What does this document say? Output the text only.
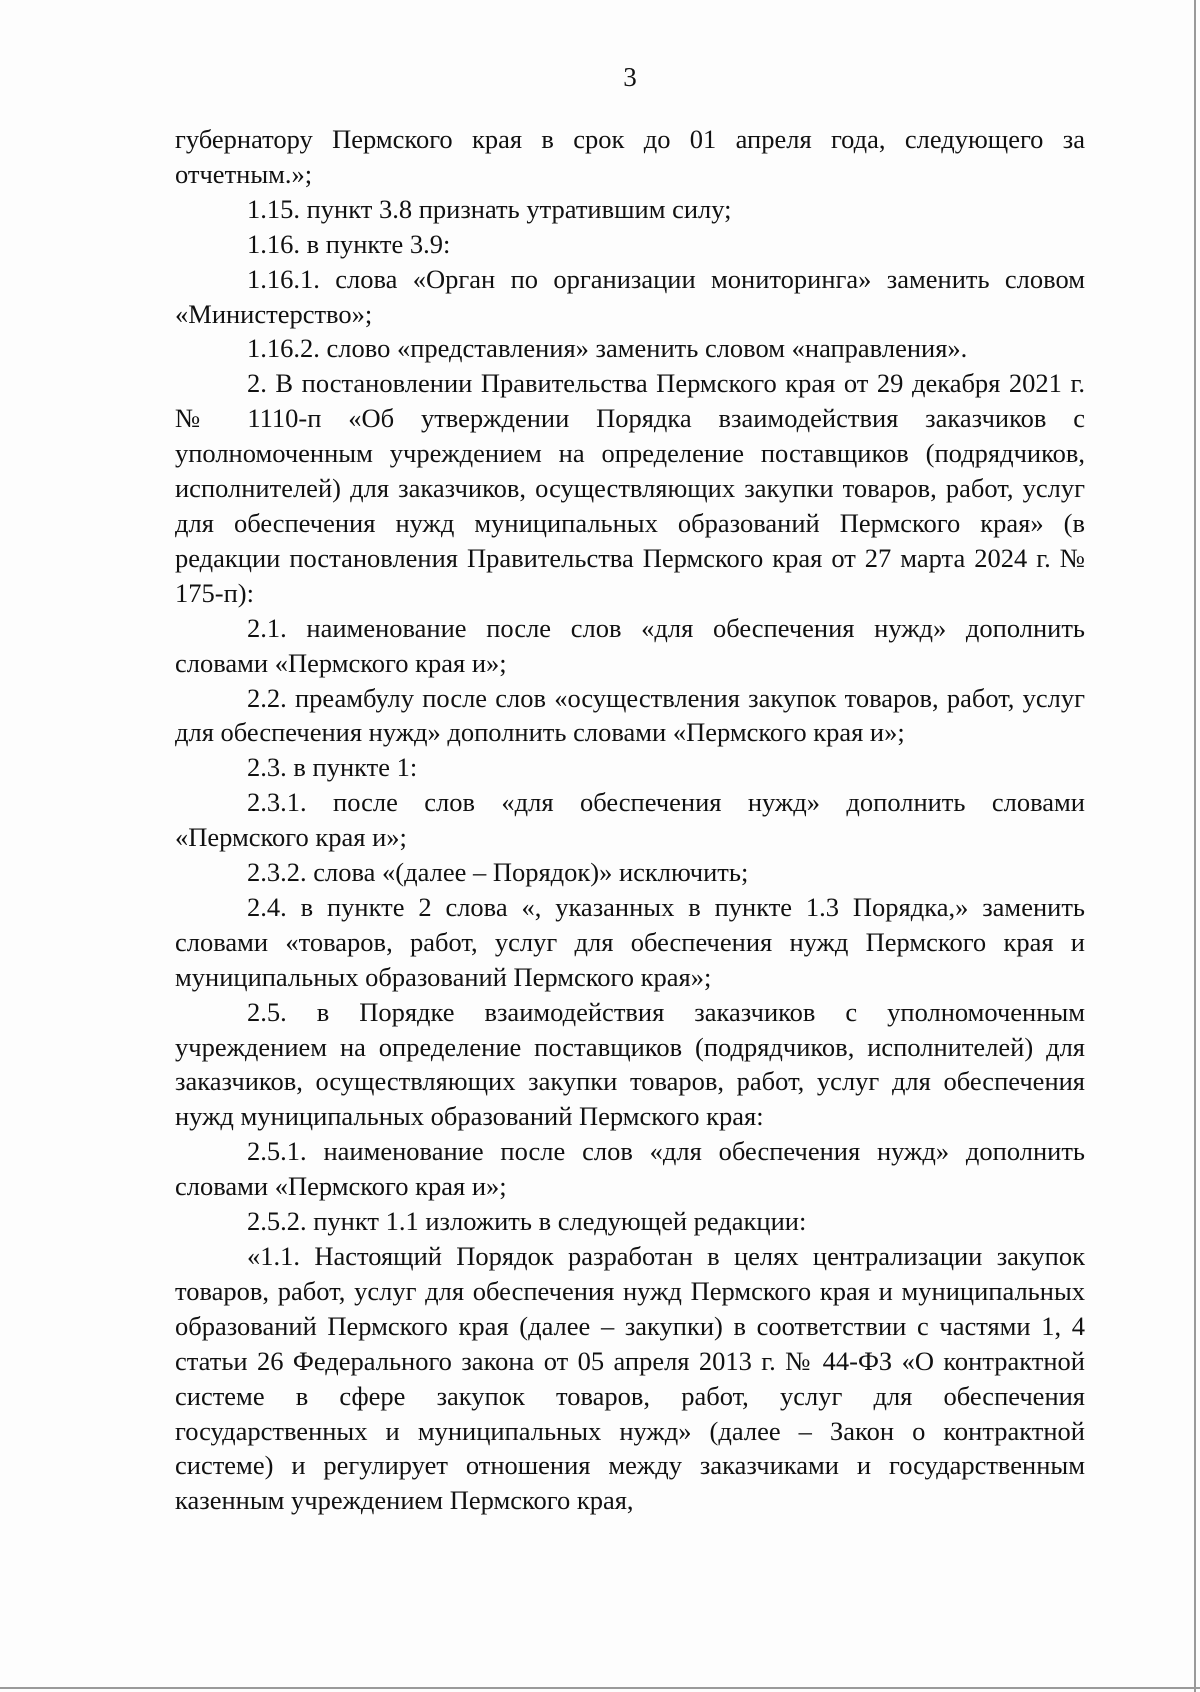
3

губернатору Пермского края в срок до 01 апреля года, следующего за отчетным.»;

1.15. пункт 3.8 признать утратившим силу;

1.16. в пункте 3.9:

1.16.1. слова «Орган по организации мониторинга» заменить словом «Министерство»;

1.16.2. слово «представления» заменить словом «направления».

2. В постановлении Правительства Пермского края от 29 декабря 2021 г. № 1110-п «Об утверждении Порядка взаимодействия заказчиков с уполномоченным учреждением на определение поставщиков (подрядчиков, исполнителей) для заказчиков, осуществляющих закупки товаров, работ, услуг для обеспечения нужд муниципальных образований Пермского края» (в редакции постановления Правительства Пермского края от 27 марта 2024 г. № 175-п):

2.1. наименование после слов «для обеспечения нужд» дополнить словами «Пермского края и»;

2.2. преамбулу после слов «осуществления закупок товаров, работ, услуг для обеспечения нужд» дополнить словами «Пермского края и»;

2.3. в пункте 1:

2.3.1. после слов «для обеспечения нужд» дополнить словами «Пермского края и»;

2.3.2. слова «(далее – Порядок)» исключить;

2.4. в пункте 2 слова «, указанных в пункте 1.3 Порядка,» заменить словами «товаров, работ, услуг для обеспечения нужд Пермского края и муниципальных образований Пермского края»;

2.5. в Порядке взаимодействия заказчиков с уполномоченным учреждением на определение поставщиков (подрядчиков, исполнителей) для заказчиков, осуществляющих закупки товаров, работ, услуг для обеспечения нужд муниципальных образований Пермского края:

2.5.1. наименование после слов «для обеспечения нужд» дополнить словами «Пермского края и»;

2.5.2. пункт 1.1 изложить в следующей редакции:

«1.1. Настоящий Порядок разработан в целях централизации закупок товаров, работ, услуг для обеспечения нужд Пермского края и муниципальных образований Пермского края (далее – закупки) в соответствии с частями 1, 4 статьи 26 Федерального закона от 05 апреля 2013 г. № 44-ФЗ «О контрактной системе в сфере закупок товаров, работ, услуг для обеспечения государственных и муниципальных нужд» (далее – Закон о контрактной системе) и регулирует отношения между заказчиками и государственным казенным учреждением Пермского края,
